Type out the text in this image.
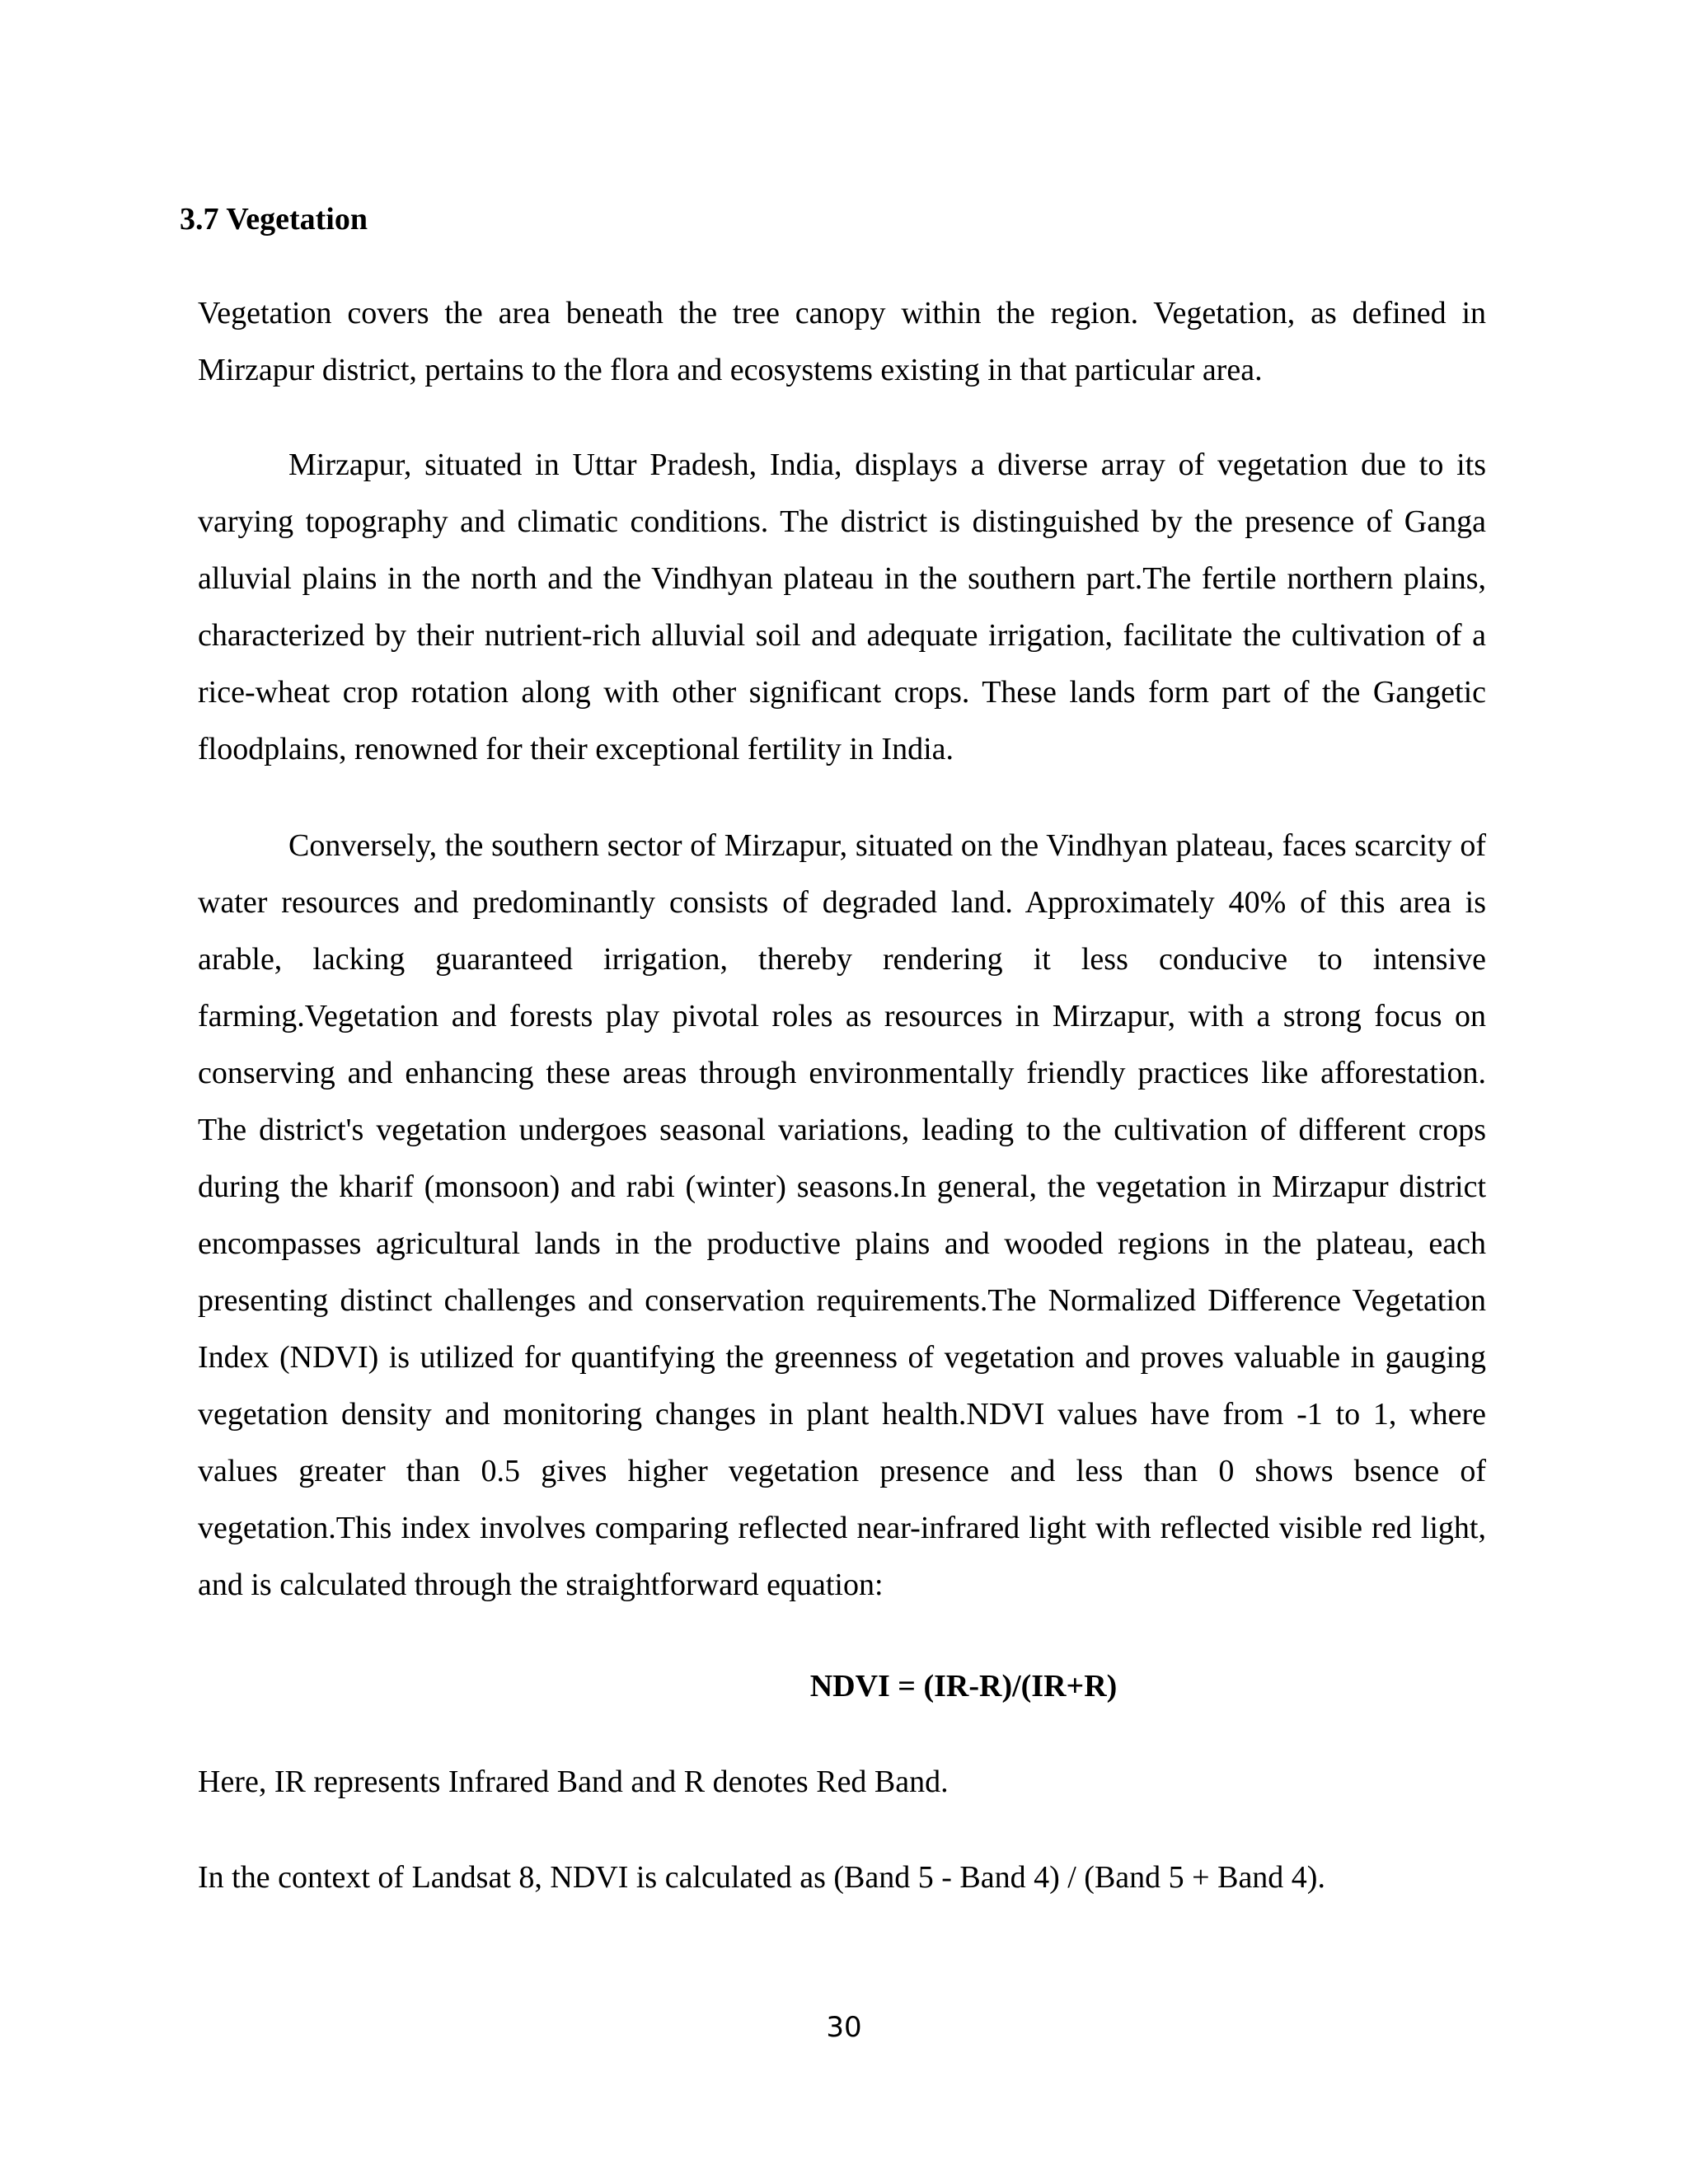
3.7 Vegetation

Vegetation covers the area beneath the tree canopy within the region. Vegetation, as defined in Mirzapur district, pertains to the flora and ecosystems existing in that particular area.

Mirzapur, situated in Uttar Pradesh, India, displays a diverse array of vegetation due to its varying topography and climatic conditions. The district is distinguished by the presence of Ganga alluvial plains in the north and the Vindhyan plateau in the southern part.The fertile northern plains, characterized by their nutrient-rich alluvial soil and adequate irrigation, facilitate the cultivation of a rice-wheat crop rotation along with other significant crops. These lands form part of the Gangetic floodplains, renowned for their exceptional fertility in India.

Conversely, the southern sector of Mirzapur, situated on the Vindhyan plateau, faces scarcity of water resources and predominantly consists of degraded land. Approximately 40% of this area is arable, lacking guaranteed irrigation, thereby rendering it less conducive to intensive farming.Vegetation and forests play pivotal roles as resources in Mirzapur, with a strong focus on conserving and enhancing these areas through environmentally friendly practices like afforestation. The district's vegetation undergoes seasonal variations, leading to the cultivation of different crops during the kharif (monsoon) and rabi (winter) seasons.In general, the vegetation in Mirzapur district encompasses agricultural lands in the productive plains and wooded regions in the plateau, each presenting distinct challenges and conservation requirements.The Normalized Difference Vegetation Index (NDVI) is utilized for quantifying the greenness of vegetation and proves valuable in gauging vegetation density and monitoring changes in plant health.NDVI values have from -1 to 1, where values greater than 0.5 gives higher vegetation presence and less than 0 shows bsence of vegetation.This index involves comparing reflected near-infrared light with reflected visible red light, and is calculated through the straightforward equation:

NDVI = (IR-R)/(IR+R)

Here, IR represents Infrared Band and R denotes Red Band.

In the context of Landsat 8, NDVI is calculated as (Band 5 - Band 4) / (Band 5 + Band 4).

30
